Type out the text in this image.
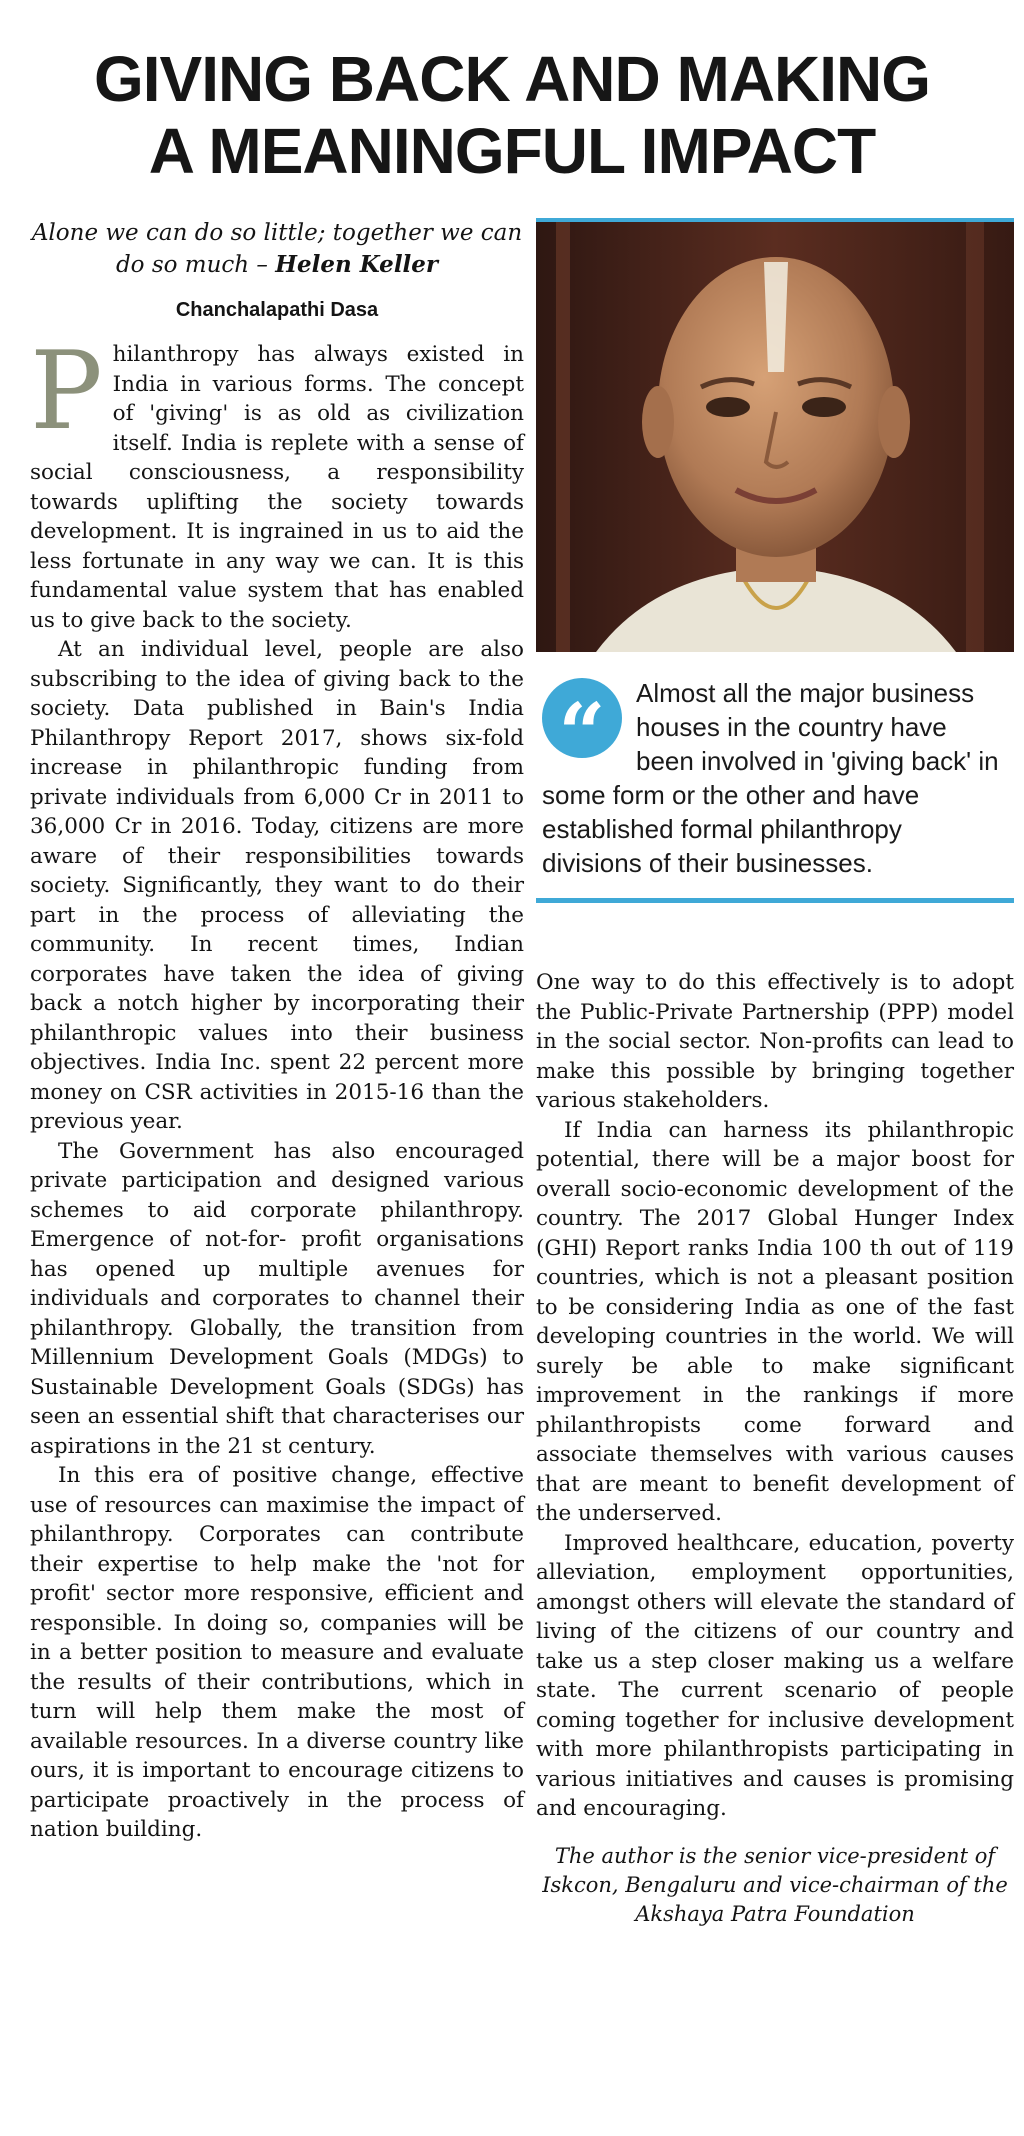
GIVING BACK AND MAKING
A MEANINGFUL IMPACT
Alone we can do so little; together we can do so much – Helen Keller
Chanchalapathi Dasa

Philanthropy has always existed in India in various forms. The concept of 'giving' is as old as civilization itself. India is replete with a sense of social consciousness, a responsibility towards uplifting the society towards development. It is ingrained in us to aid the less fortunate in any way we can. It is this fundamental value system that has enabled us to give back to the society.

At an individual level, people are also subscribing to the idea of giving back to the society. Data published in Bain's India Philanthropy Report 2017, shows six-fold increase in philanthropic funding from private individuals from 6,000 Cr in 2011 to 36,000 Cr in 2016. Today, citizens are more aware of their responsibilities towards society. Significantly, they want to do their part in the process of alleviating the community. In recent times, Indian corporates have taken the idea of giving back a notch higher by incorporating their philanthropic values into their business objectives. India Inc. spent 22 percent more money on CSR activities in 2015-16 than the previous year.

The Government has also encouraged private participation and designed various schemes to aid corporate philanthropy. Emergence of not-for- profit organisations has opened up multiple avenues for individuals and corporates to channel their philanthropy. Globally, the transition from Millennium Development Goals (MDGs) to Sustainable Development Goals (SDGs) has seen an essential shift that characterises our aspirations in the 21 st century.

In this era of positive change, effective use of resources can maximise the impact of philanthropy. Corporates can contribute their expertise to help make the 'not for profit' sector more responsive, efficient and responsible. In doing so, companies will be in a better position to measure and evaluate the results of their contributions, which in turn will help them make the most of available resources. In a diverse country like ours, it is important to encourage citizens to participate proactively in the process of nation building.

“	Almost all the major business houses in the country have been involved in 'giving back' in some form or the other and have established formal philanthropy divisions of their businesses.

One way to do this effectively is to adopt the Public-Private Partnership (PPP) model in the social sector. Non-profits can lead to make this possible by bringing together various stakeholders.

If India can harness its philanthropic potential, there will be a major boost for overall socio-economic development of the country. The 2017 Global Hunger Index (GHI) Report ranks India 100 th out of 119 countries, which is not a pleasant position to be considering India as one of the fast developing countries in the world. We will surely be able to make significant improvement in the rankings if more philanthropists come forward and associate themselves with various causes that are meant to benefit development of the underserved.

Improved healthcare, education, poverty alleviation, employment opportunities, amongst others will elevate the standard of living of the citizens of our country and take us a step closer making us a welfare state. The current scenario of people coming together for inclusive development with more philanthropists participating in various initiatives and causes is promising and encouraging.

The author is the senior vice-president of Iskcon, Bengaluru and vice-chairman of the Akshaya Patra Foundation
